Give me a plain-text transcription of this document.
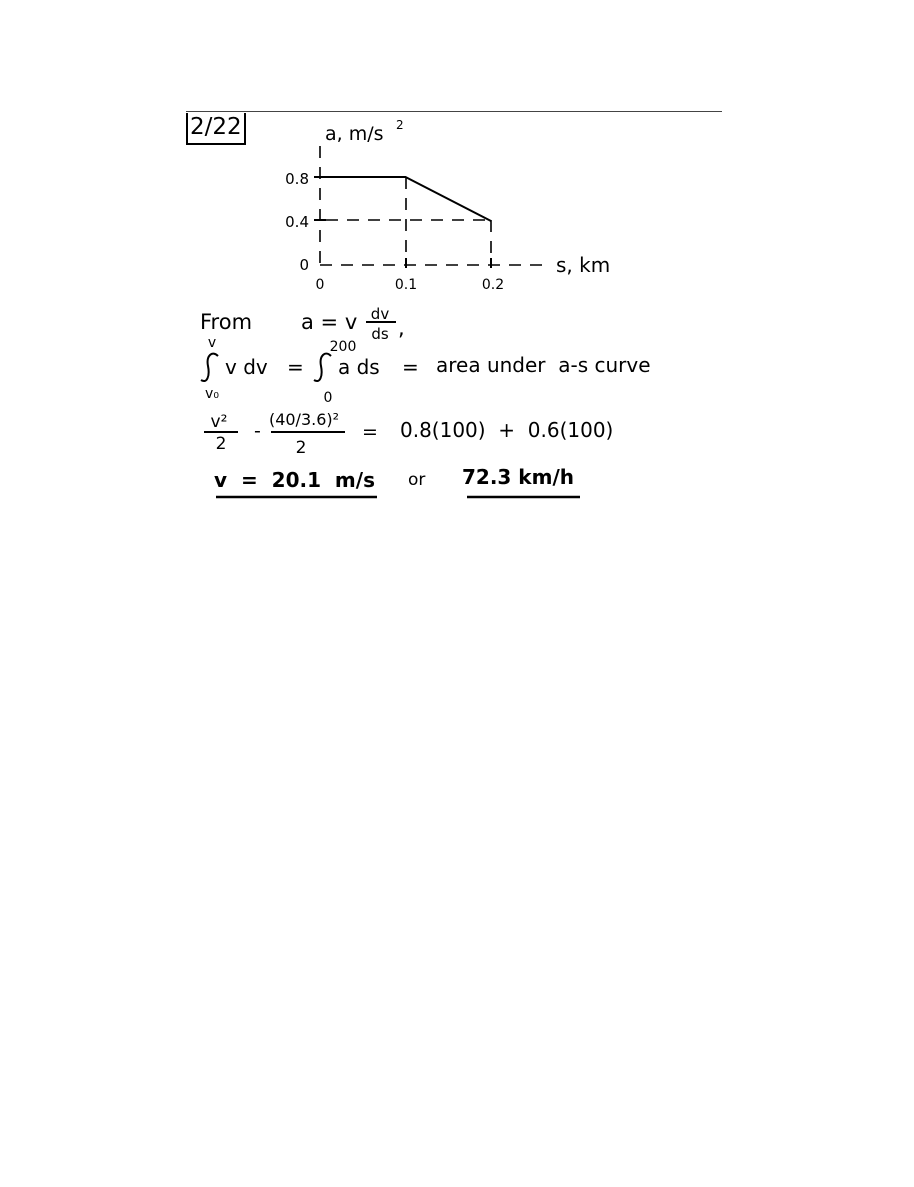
2/22	a, m/s 2
s, km
0.8
0.4
0
0	0.1	0.2
From a = v dv
ds ,
v
v₀
v dv =
200
0
a ds = area under  a-s curve
v²
2
-
(40/3.6)²
2
= 0.8(100)  +  0.6(100)
v  =  20.1  m/s or 72.3 km/h
